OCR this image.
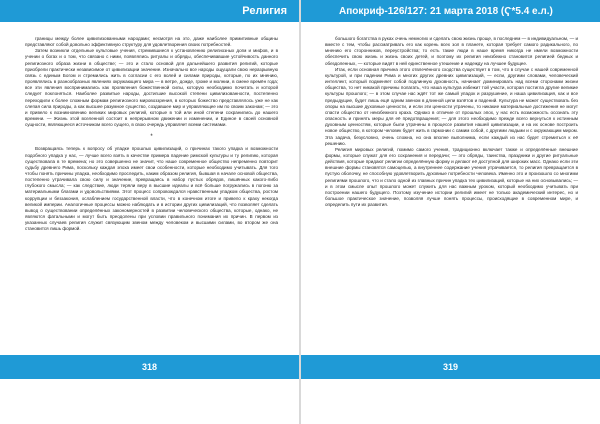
Религия

границы между более цивилизованными народами; несмотря на это, даже наиболее примитивные общины представляют собой довольно эффективную структуру для удовлетворения своих потребностей.

Затем возникли отдельные культовые учения, стремившиеся к установлению религиозных догм и мифов, и в учении о богах и о том, что связано с ними, появлялись ритуалы и обряды, обеспечивавшие устойчивость данного религиозного образа жизни в обществе; — это и стало основой для дальнейшего развития религий, которые приобрели практически независимое от цивилизации значение. Изначально все народы ощущали свою неразрывную связь с единым Богом и стремились жить в согласии с его волей и силами природы, которые, по их мнению, проявлялись в разнообразных явлениях окружающего мира — в ветре, дожде, громе и молнии, в смене времён года; все эти явления воспринимались как проявления божественной силы, которую необходимо почитать и которой следует поклоняться. Наиболее развитые народы, достигшие высокой степени цивилизованности, постепенно переходили к более сложным формам религиозного мировоззрения, в которых божество представлялось уже не как слепая сила природы, а как высшее разумное существо, создавшее мир и управляющее им по своим законам; — это и привело к возникновению великих мировых религий, которые в той или иной степени сохранились до нашего времени. — Жизнь этой вселенной состоит в непрерывном движении и изменении, и Единое в своей основной сущности, являющееся источником всего сущего, в свою очередь управляет всеми системами.

*

Возвращаясь теперь к вопросу об упадке прошлых цивилизаций, о причинах такого упадка и возможности подобного упадка у нас, — лучше всего взять в качестве примера падение римской культуры и ту религию, которая существовала в те времена; но это совершенно не значит, что наше современное общество непременно повторит судьбу древнего Рима, поскольку каждая эпоха имеет свои особенности, которые необходимо учитывать. Для того чтобы понять причины упадка, необходимо проследить, каким образом религия, бывшая в начале основой общества, постепенно утрачивала свою силу и значение, превращаясь в набор пустых обрядов, лишённых какого-либо глубокого смысла; — как следствие, люди теряли веру в высшие идеалы и всё больше погружались в погоню за материальными благами и удовольствиями. Этот процесс сопровождался нравственным упадком общества, ростом коррупции и беззакония, ослаблением государственной власти, что в конечном итоге и привело к краху некогда великой империи. Аналогичные процессы можно наблюдать и в истории других цивилизаций, что позволяет сделать вывод о существовании определённых закономерностей в развитии человеческого общества, которые, однако, не являются фатальными и могут быть преодолены при условии правильного понимания их причин. В первом из указанных случаев религия служит связующим звеном между человеком и высшими силами, во втором же она становится лишь формой.

318
Апокриф-126/127: 21 марта 2018 (Ҁ*5.4 е.л.)

большого богатства в руках очень немногих и сделать свою жизнь проще, в последнем — в индивидуальном, — и вместе с тем, чтобы рассматривать его как корень всех зол в планете, которая требует самого радикального, по мнению его сторонников, переустройства; то есть такие люди в наше время никогда не имели возможности обеспечить свою жизнь и жизнь своих детей, и поэтому их религия неизбежно становится религией бедных и обездоленных, — которые видят в ней единственное утешение и надежду на лучшее будущее.

Итак, если основная причина этого отвлечённого сходства существует в том, что в случае с нашей современной культурой, и при падении Рима и многих других древних цивилизаций, — если, другими словами, человеческий интеллект, который подменяет собой подлинную духовность, начинает доминировать над всеми сторонами жизни общества, то нет никакой причины полагать, что наша культура избежит той участи, которая постигла другие великие культуры прошлого; — в этом случае нас ждёт тот же самый упадок и разрушение, и наша цивилизация, как и все предыдущие, будет лишь ещё одним звеном в длинной цепи взлётов и падений. Культура не может существовать без опоры на высшие духовные ценности, и если эти ценности утрачены, то никакие материальные достижения не могут спасти общество от неизбежного краха. Однако в отличие от прошлых эпох, у нас есть возможность осознать эту опасность и принять меры для её предотвращения; — для этого необходимо прежде всего вернуться к истинным духовным ценностям, которые были утрачены в процессе развития нашей цивилизации, и на их основе построить новое общество, в котором человек будет жить в гармонии с самим собой, с другими людьми и с окружающим миром. Эта задача, безусловно, очень сложна, но она вполне выполнима, если каждый из нас будет стремиться к её решению.

Религия мировых религий, помимо самого учения, традиционно включает также и определённые внешние формы, которые служат для его сохранения и передачи; — это обряды, таинства, праздники и другие ритуальные действия, которые придают религии определённую форму и делают её доступной для широких масс. Однако если эти внешние формы становятся самоцелью, а внутреннее содержание учения утрачивается, то религия превращается в пустую оболочку, не способную удовлетворить духовные потребности человека. Именно это и произошло со многими религиями прошлого, что и стало одной из главных причин упадка тех цивилизаций, которые на них основывались; — и в этом смысле опыт прошлого может служить для нас важным уроком, который необходимо учитывать при построении нашего будущего. Поэтому изучение истории религий имеет не только академический интерес, но и большое практическое значение, позволяя лучше понять процессы, происходящие в современном мире, и определить пути их развития.

319
